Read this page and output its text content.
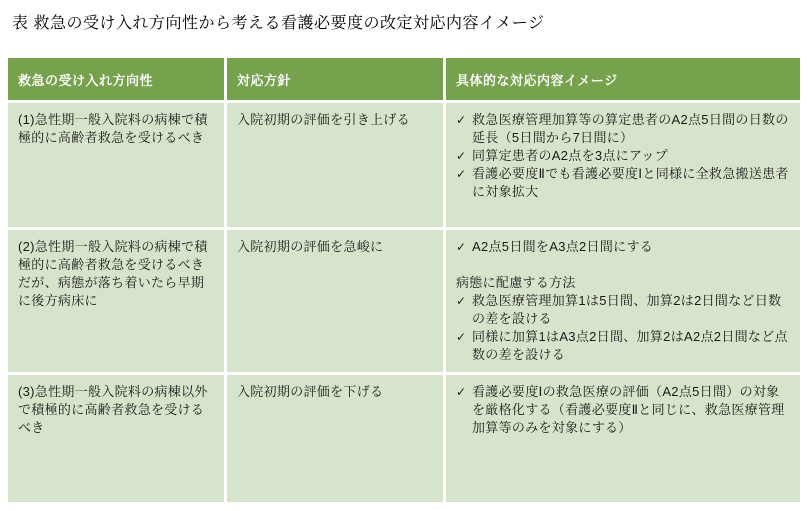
表 救急の受け入れ方向性から考える看護必要度の改定対応内容イメージ
救急の受け入れ方向性	対応方針	具体的な対応内容イメージ
(1)急性期一般入院料の病棟で積極的に高齢者救急を受けるべき	入院初期の評価を引き上げる	✓ 救急医療管理加算等の算定患者のA2点5日間の日数の延長（5日間から7日間に）
✓ 同算定患者のA2点を3点にアップ
✓ 看護必要度Ⅱでも看護必要度Ⅰと同様に全救急搬送患者に対象拡大

(2)急性期一般入院料の病棟で積極的に高齢者救急を受けるべきだが、病態が落ち着いたら早期に後方病床に	入院初期の評価を急峻に	✓ A2点5日間をA3点2日間にする
病態に配慮する方法
✓ 救急医療管理加算1は5日間、加算2は2日間など日数の差を設ける
✓ 同様に加算1はA3点2日間、加算2はA2点2日間など点数の差を設ける

(3)急性期一般入院料の病棟以外で積極的に高齢者救急を受けるべき	入院初期の評価を下げる	✓ 看護必要度Ⅰの救急医療の評価（A2点5日間）の対象を厳格化する（看護必要度Ⅱと同じに、救急医療管理加算等のみを対象にする）
